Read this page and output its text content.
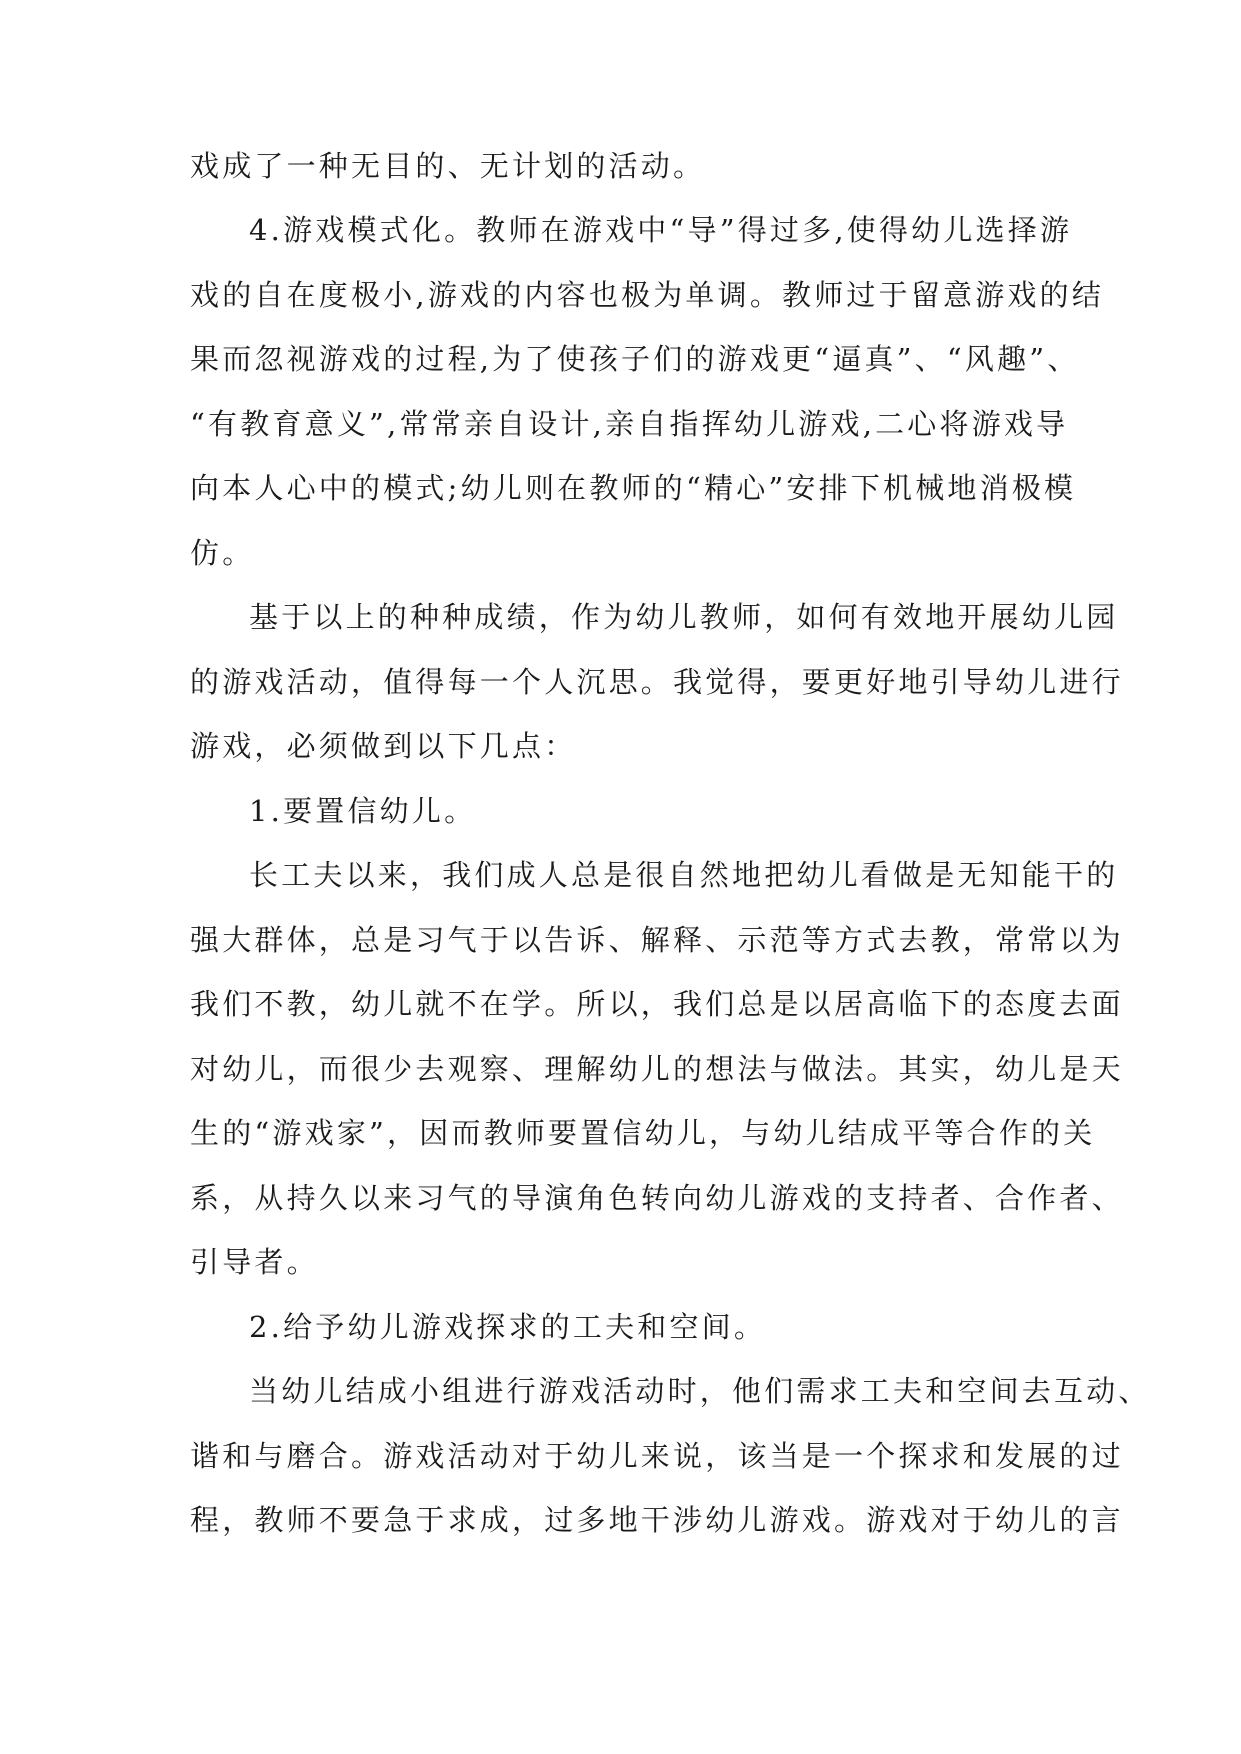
戏成了一种无目的、无计划的活动。
4.游戏模式化。教师在游戏中“导”得过多,使得幼儿选择游
戏的自在度极小,游戏的内容也极为单调。教师过于留意游戏的结
果而忽视游戏的过程,为了使孩子们的游戏更“逼真”、“风趣”、
“有教育意义”,常常亲自设计,亲自指挥幼儿游戏,二心将游戏导
向本人心中的模式;幼儿则在教师的“精心”安排下机械地消极模
仿。
基于以上的种种成绩，作为幼儿教师，如何有效地开展幼儿园
的游戏活动，值得每一个人沉思。我觉得，要更好地引导幼儿进行
游戏，必须做到以下几点：
1.要置信幼儿。
长工夫以来，我们成人总是很自然地把幼儿看做是无知能干的
强大群体，总是习气于以告诉、解释、示范等方式去教，常常以为
我们不教，幼儿就不在学。所以，我们总是以居高临下的态度去面
对幼儿，而很少去观察、理解幼儿的想法与做法。其实，幼儿是天
生的“游戏家”，因而教师要置信幼儿，与幼儿结成平等合作的关
系，从持久以来习气的导演角色转向幼儿游戏的支持者、合作者、
引导者。
2.给予幼儿游戏探求的工夫和空间。
当幼儿结成小组进行游戏活动时，他们需求工夫和空间去互动、
谐和与磨合。游戏活动对于幼儿来说，该当是一个探求和发展的过
程，教师不要急于求成，过多地干涉幼儿游戏。游戏对于幼儿的言
